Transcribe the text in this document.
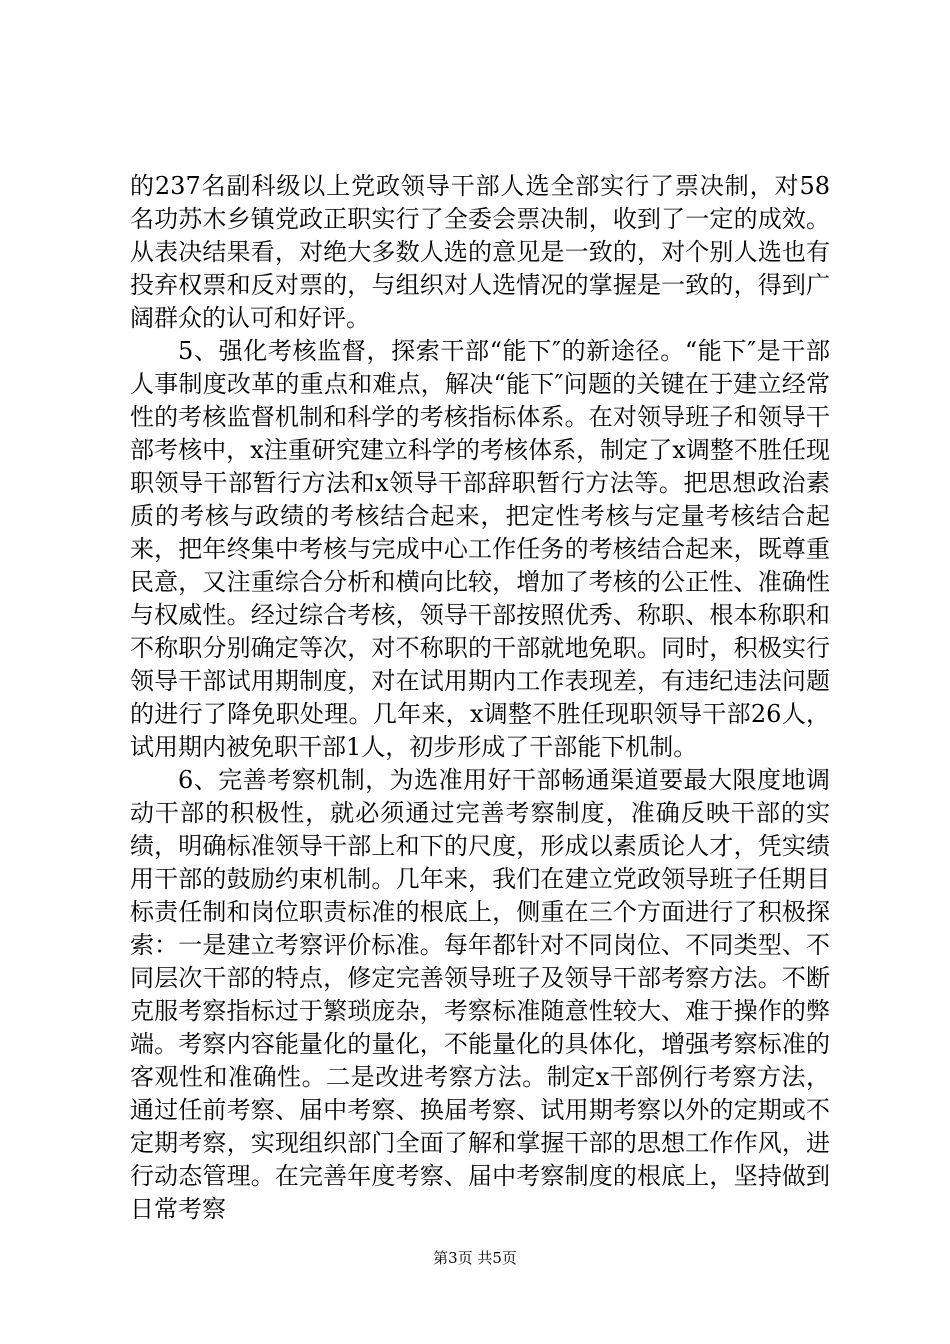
的237名副科级以上党政领导干部人选全部实行了票决制，对58名功苏木乡镇党政正职实行了全委会票决制，收到了一定的成效。从表决结果看，对绝大多数人选的意见是一致的，对个别人选也有投弃权票和反对票的，与组织对人选情况的掌握是一致的，得到广阔群众的认可和好评。

5、强化考核监督，探索干部“能下″的新途径。“能下″是干部人事制度改革的重点和难点，解决“能下″问题的关键在于建立经常性的考核监督机制和科学的考核指标体系。在对领导班子和领导干部考核中，x注重研究建立科学的考核体系，制定了x调整不胜任现职领导干部暂行方法和x领导干部辞职暂行方法等。把思想政治素质的考核与政绩的考核结合起来，把定性考核与定量考核结合起来，把年终集中考核与完成中心工作任务的考核结合起来，既尊重民意，又注重综合分析和横向比较，增加了考核的公正性、准确性与权威性。经过综合考核，领导干部按照优秀、称职、根本称职和不称职分别确定等次，对不称职的干部就地免职。同时，积极实行领导干部试用期制度，对在试用期内工作表现差，有违纪违法问题的进行了降免职处理。几年来，x调整不胜任现职领导干部26人，试用期内被免职干部1人，初步形成了干部能下机制。

6、完善考察机制，为选准用好干部畅通渠道要最大限度地调动干部的积极性，就必须通过完善考察制度，准确反映干部的实绩，明确标准领导干部上和下的尺度，形成以素质论人才，凭实绩用干部的鼓励约束机制。几年来，我们在建立党政领导班子任期目标责任制和岗位职责标准的根底上，侧重在三个方面进行了积极探索：一是建立考察评价标准。每年都针对不同岗位、不同类型、不同层次干部的特点，修定完善领导班子及领导干部考察方法。不断克服考察指标过于繁琐庞杂，考察标准随意性较大、难于操作的弊端。考察内容能量化的量化，不能量化的具体化，增强考察标准的客观性和准确性。二是改进考察方法。制定x干部例行考察方法，通过任前考察、届中考察、换届考察、试用期考察以外的定期或不定期考察，实现组织部门全面了解和掌握干部的思想工作作风，进行动态管理。在完善年度考察、届中考察制度的根底上，坚持做到日常考察

第3页 共5页
